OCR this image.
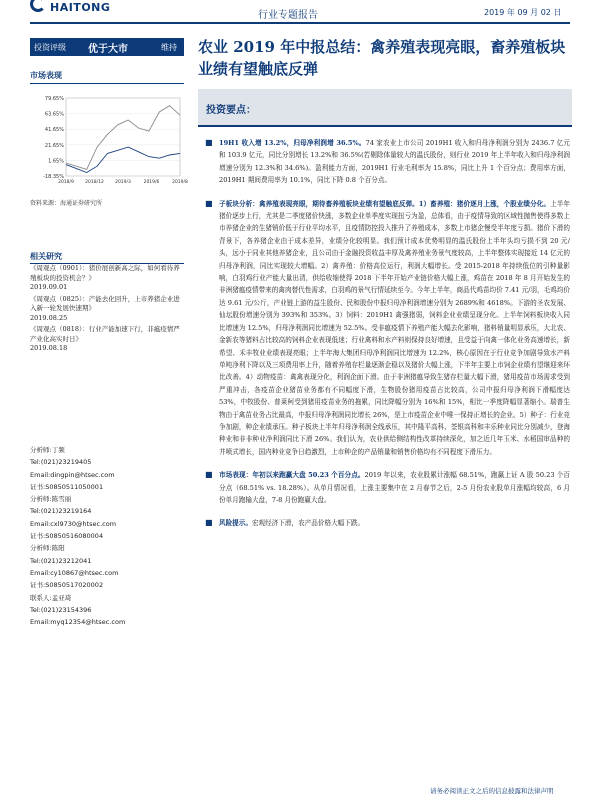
HAITONG
行业专题报告	2019 年 09 月 02 日
投资评级 优于大市	维持
市场表现
79.65%
63.65%
41.65%
21.65%
1.65%
-18.35%
2018/9 2018/12 2019/3	2019/6	2019/8
资料来源：海通证券研究所
相关研究
《周观点（0901）：猪价展创新高之际，如何看待养殖板块的投资机会？》
2019.09.01
《周观点（0825）：产能去化回升，上市养猪企业进入新一轮发展快速期》
2019.08.25
《周观点（0818）：行业产能加速下行，非瘟疫情严产业化高实时日》
2019.08.18
分析师:丁频
Tel:(021)23219405
Email:dingpin@htsec.com
证书:S0850511050001
分析师:陈雪丽
Tel:(021)23219164
Email:cxl9730@htsec.com
证书:S0850516080004
分析师:陈阳
Tel:(021)23212041
Email:cy10867@htsec.com
证书:S0850517020002
联系人:孟亚琦
Tel:(021)23154396
Email:myq12354@htsec.com
农业 2019 年中报总结：禽养殖表现亮眼，畜养殖板块业绩有望触底反弹
投资要点：
■ 19H1 收入增 13.2%，归母净利润增 36.5%。74 家农业上市公司 2019H1 收入和归母净利润分别为 2436.7 亿元和 103.9 亿元，同比分别增长 13.2%和 36.5%(若剔除体量较大的温氏股份，则行业 2019 年上半年收入和归母净利润增速分别为 12.3%和 34.6%)。盈利能力方面，2019H1 行业毛利率为 15.8%，同比上升 1 个百分点；费用率方面，2019H1 期间费用率为 10.1%，同比下降 0.8 个百分点。
■ 子板块分析：禽养殖表现亮眼，期待畜养殖板块业绩有望触底反弹。1）畜养殖：猪价逐月上涨，个股业绩分化。上半年猪价逐步上行，尤其是二季度猪价快涨，多数企业单季度实现扭亏为盈，总体看，由于疫情导致的区域性抛售使得多数上市养猪企业的生猪销价低于行业平均水平，且疫情防控投入推升了养殖成本，多数上市猪企慢受半年度亏损。猪价下滑的背景下，各养猪企业由于成本差异，业绩分化较明显。我们预计成本优势明显的温氏股份上半年头均亏损不到 20 元/头，远小于同业其他养猪企业，且公司由于金融投资收益丰厚及禽养殖业务景气度较高，上半年整体实现接近 14 亿元的归母净利润，同比实现较大增幅。2）禽养殖：价格高位运行，利润大幅增长。受 2015-2018 年持续低位的引种量影响，白羽鸡行业产能大量出清，供给收缩使得 2018 下半年开始产业链价格大幅上涨，鸡苗在 2018 年 8 月开始发生的非洲猪瘟疫情带来的禽肉替代性需求，白羽鸡的景气行情延续至今。今年上半年，商品代鸡苗均价 7.41 元/羽，毛鸡均价达 9.61 元/公斤，产业链上游的益生股份、民和股份中报归母净利润增速分别为 2689%和 4618%。下游的圣农发展、仙坛股份增速分别为 393%和 353%。3）饲料：2019H1 禽强猪弱，饲料企业业绩呈现分化。上半年饲料板块收入同比增速为 12.5%，归母净利润同比增速为 52.5%。受非瘟疫情下养殖产能大幅去化影响，猪料销量明显承压，大北农、金新农等猪料占比较高的饲料企业表现低迷；行业禽料和水产料则保持良好增速，且受益于向禽一体化业务高速增长，新希望、禾丰牧业业绩表现亮眼；上半年海大集团归母净利润同比增速为 12.2%，核心原因在于行业竞争加剧导致水产料单吨净利下降以及三项费用率上升，随着养殖存栏量逐渐企稳以及猪价大幅上涨，下半年主要上市饲企业绩有望继迎来环比改善。4）动物疫苗：禽禽表现分化，利润企面下滑。由于非洲猪瘟导致生猪存栏量大幅下滑，猪用疫苗市场需求受到严重冲击，各疫苗企业猪苗业务都有不同幅度下滑，生物股份猪用疫苗占比较高，公司中报归母净利润下滑幅度达 53%，中牧股份、普莱柯受到猪用疫苗业务的拖累，同比降幅分别为 16%和 15%，相比一季度降幅显著缩小。瑞普生物由于禽苗业务占比最高，中报归母净利润同比增长 26%，是上市疫苗企业中唯一保持正增长的企业。5）种子：行业竞争加剧，种企业绩承压。种子板块上半年归母净利润全线承压，其中隆平高科、荃银高科和丰乐种业同比分别减少，登海种业和非非种业净利润同比下滑 26%。我们认为，农业供给侧结构性改革持续深化，加之近几年玉米、水稻国审品种的井喷式增长，国内种业竞争日趋激烈，上市种企的产品销量和销售价格均有不同程度下滑压力。
■ 市场表现：年初以来跑赢大盘 50.23 个百分点。2019 年以来，农业股累计涨幅 68.51%，跑赢上证 A 股 50.23 个百分点（68.51% vs. 18.28%）。从单月情况看，上涨主要集中在 2 月春节之后，2-5 月份农业股单月涨幅均较高，6 月份单月跑输大盘，7-8 月份跑赢大盘。
■ 风险提示。宏观经济下滑，农产品价格大幅下跌。
请务必阅读正文之后的信息披露和法律声明
